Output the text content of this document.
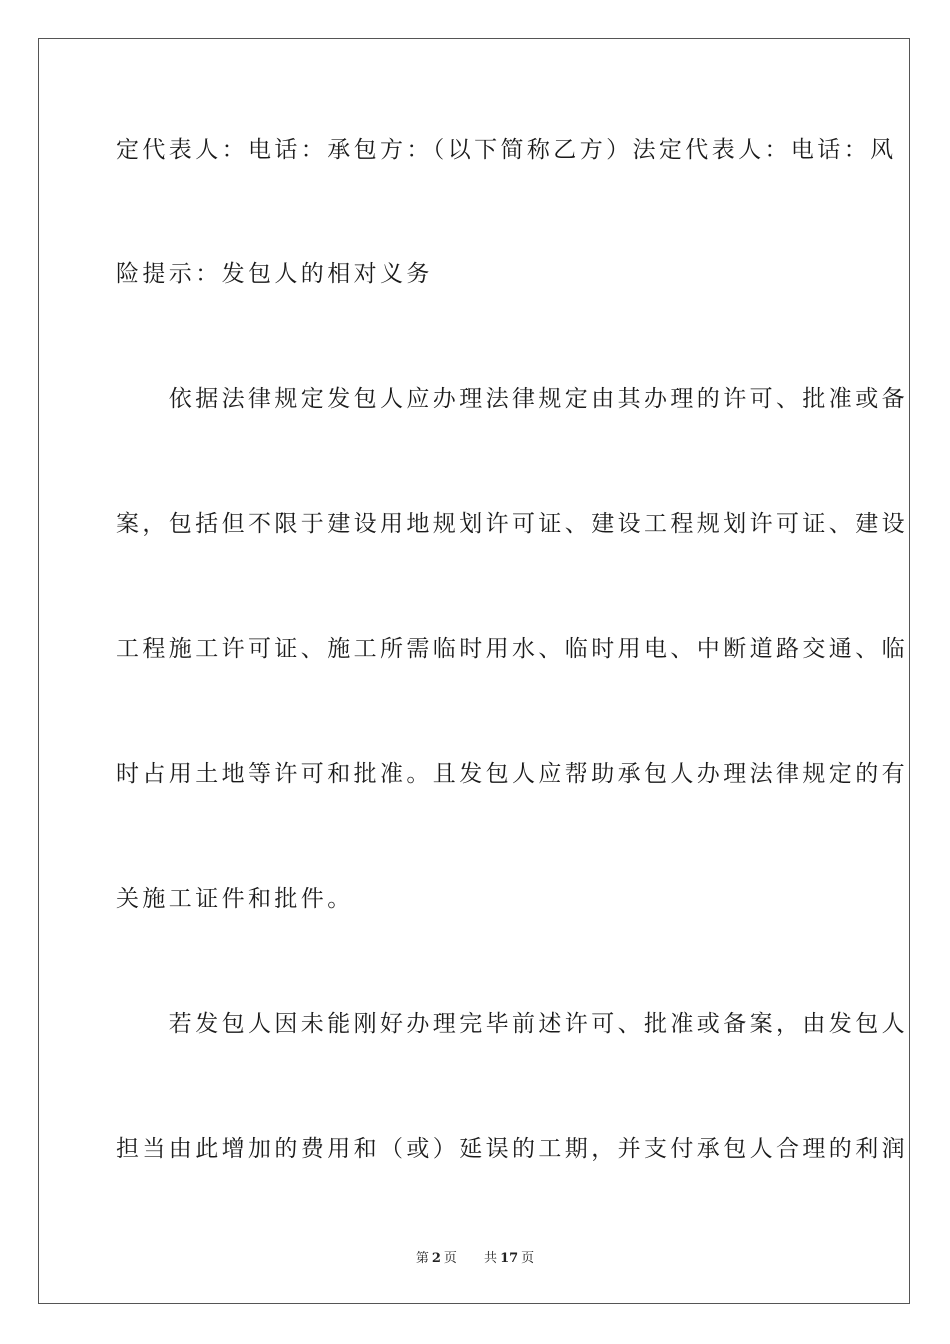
定代表人：电话：承包方：（以下简称乙方）法定代表人：电话：风
险提示：发包人的相对义务
　　依据法律规定发包人应办理法律规定由其办理的许可、批准或备
案，包括但不限于建设用地规划许可证、建设工程规划许可证、建设
工程施工许可证、施工所需临时用水、临时用电、中断道路交通、临
时占用土地等许可和批准。且发包人应帮助承包人办理法律规定的有
关施工证件和批件。
　　若发包人因未能刚好办理完毕前述许可、批准或备案，由发包人
担当由此增加的费用和（或）延误的工期，并支付承包人合理的利润
第 2 页 共 17 页
